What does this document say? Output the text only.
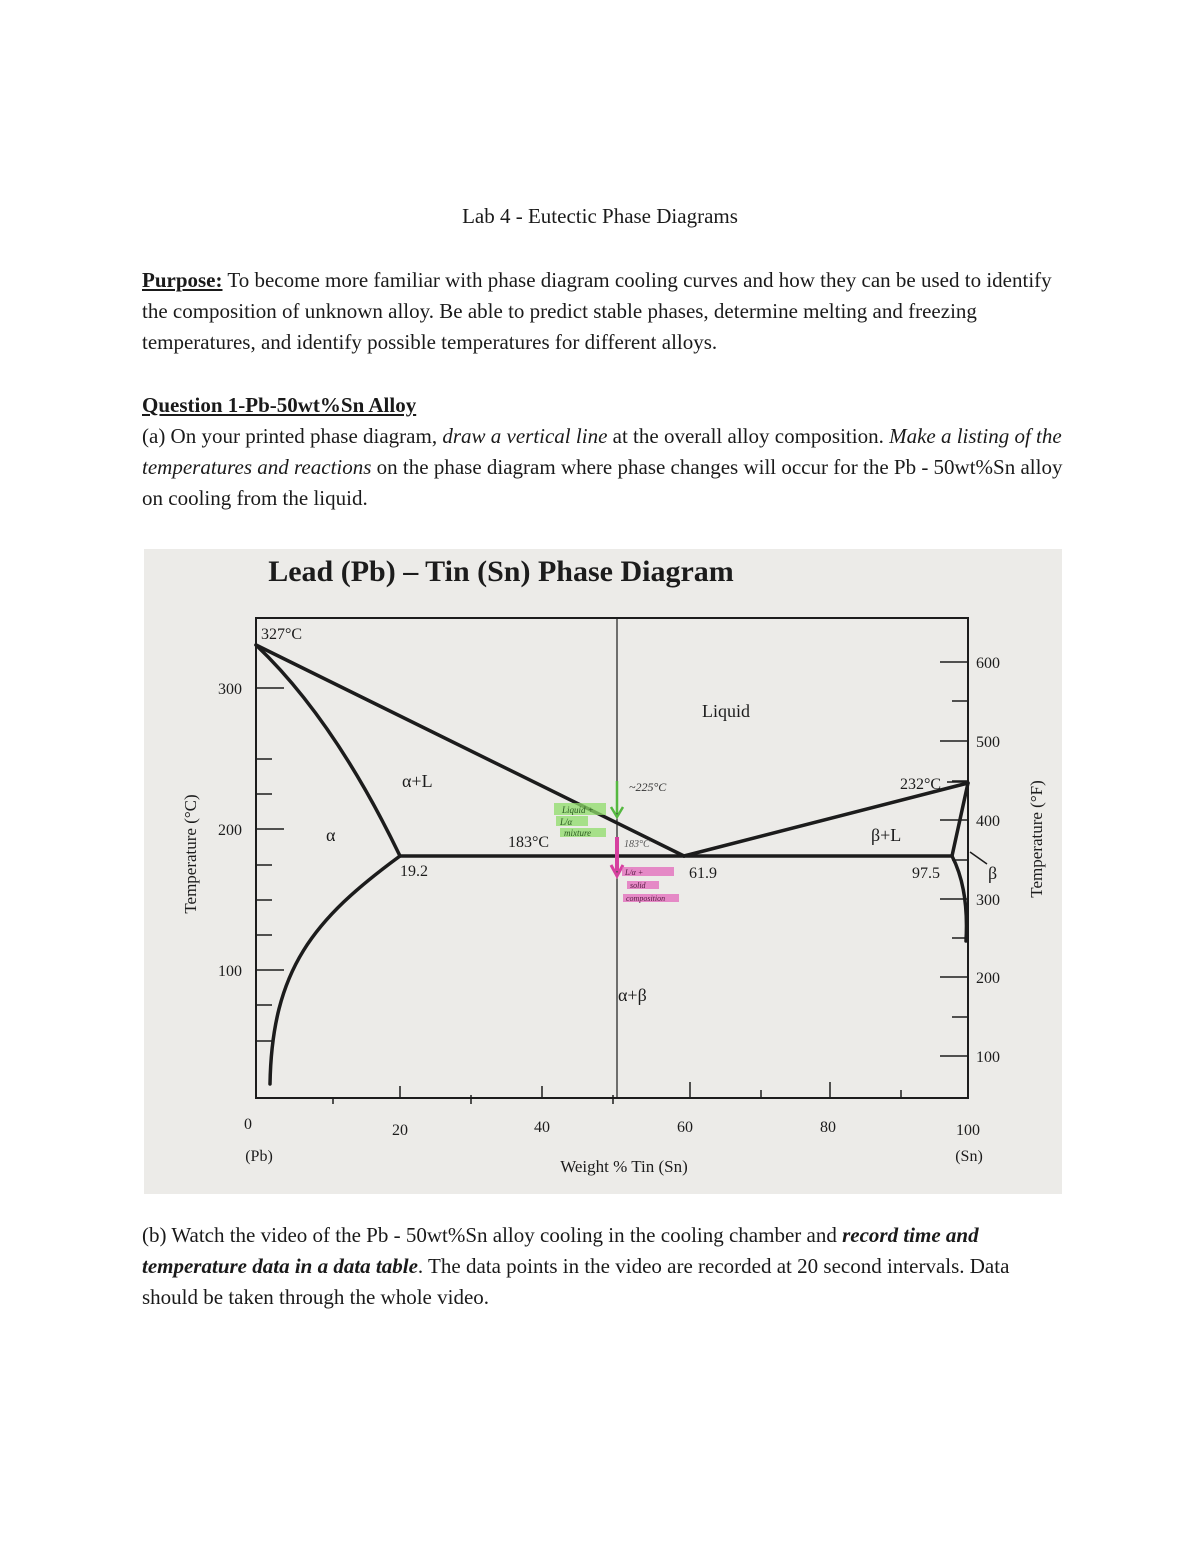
Lab 4 - Eutectic Phase Diagrams
Purpose: To become more familiar with phase diagram cooling curves and how they can be used to identify the composition of unknown alloy. Be able to predict stable phases, determine melting and freezing temperatures, and identify possible temperatures for different alloys.
Question 1-Pb-50wt%Sn Alloy
(a) On your printed phase diagram, draw a vertical line at the overall alloy composition. Make a listing of the temperatures and reactions on the phase diagram where phase changes will occur for the Pb - 50wt%Sn alloy on cooling from the liquid.
Lead (Pb) – Tin (Sn) Phase Diagram
300
200
100
600
500
400
300
200
100
0	20	40	60	80	100
(Pb)	(Sn)
Weight % Tin (Sn)
Temperature (°C)	Temperature (°F)
327°C
232°C
183°C
19.2	61.9	97.5
Liquid
α+L
α	β+L
β
α+β
~225°C
Liquid +
L/α
mixture
183°C
L/α +
solid
composition
(b) Watch the video of the Pb - 50wt%Sn alloy cooling in the cooling chamber and record time and temperature data in a data table. The data points in the video are recorded at 20 second intervals. Data should be taken through the whole video.
